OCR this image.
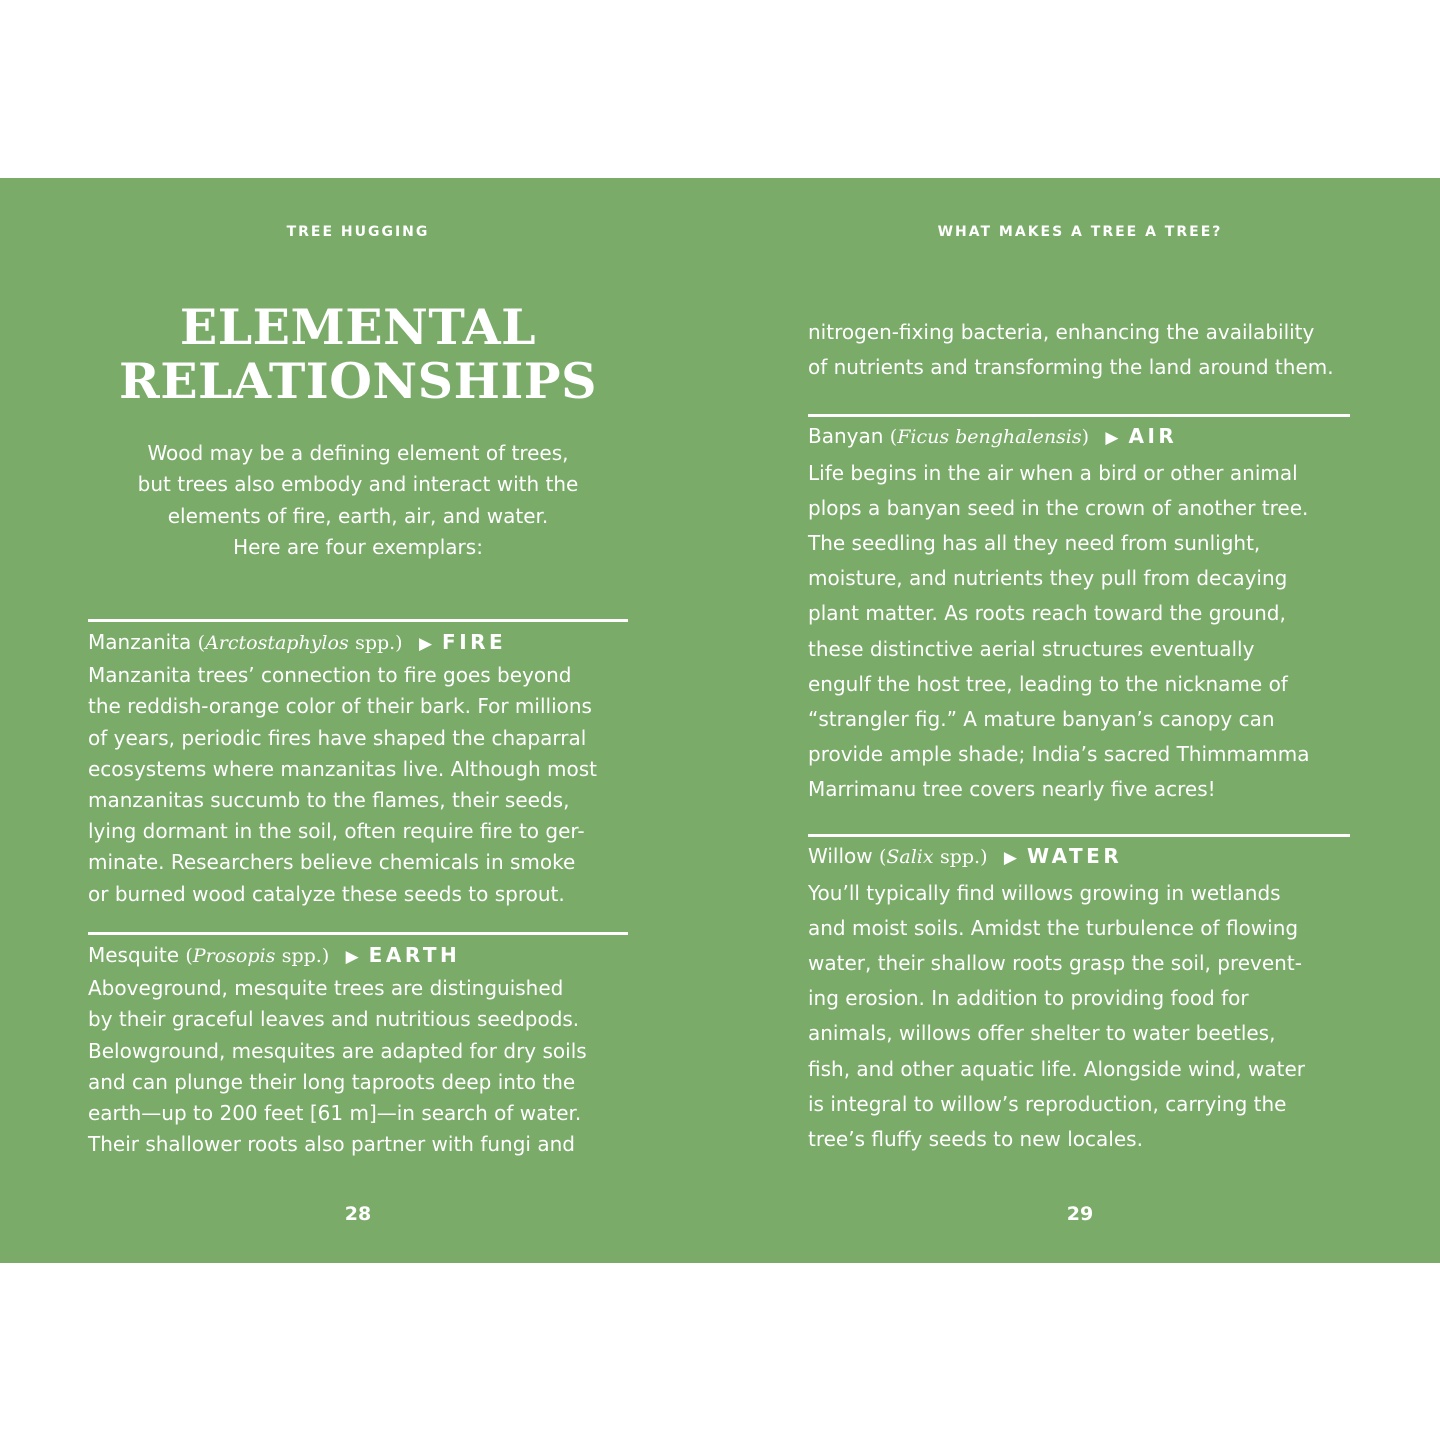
TREE HUGGING
ELEMENTAL
RELATIONSHIPS
Wood may be a defining element of trees,
but trees also embody and interact with the
elements of fire, earth, air, and water.
Here are four exemplars:
Manzanita (Arctostaphylos spp.) ▶ FIRE
Manzanita trees’ connection to fire goes beyond
the reddish-orange color of their bark. For millions
of years, periodic fires have shaped the chaparral
ecosystems where manzanitas live. Although most
manzanitas succumb to the flames, their seeds,
lying dormant in the soil, often require fire to ger-
minate. Researchers believe chemicals in smoke
or burned wood catalyze these seeds to sprout.
Mesquite (Prosopis spp.) ▶ EARTH
Aboveground, mesquite trees are distinguished
by their graceful leaves and nutritious seedpods.
Belowground, mesquites are adapted for dry soils
and can plunge their long taproots deep into the
earth—up to 200 feet [61 m]—in search of water.
Their shallower roots also partner with fungi and
28
WHAT MAKES A TREE A TREE?
nitrogen-fixing bacteria, enhancing the availability
of nutrients and transforming the land around them.
Banyan (Ficus benghalensis) ▶ AIR
Life begins in the air when a bird or other animal
plops a banyan seed in the crown of another tree.
The seedling has all they need from sunlight,
moisture, and nutrients they pull from decaying
plant matter. As roots reach toward the ground,
these distinctive aerial structures eventually
engulf the host tree, leading to the nickname of
“strangler fig.” A mature banyan’s canopy can
provide ample shade; India’s sacred Thimmamma
Marrimanu tree covers nearly five acres!
Willow (Salix spp.) ▶ WATER
You’ll typically find willows growing in wetlands
and moist soils. Amidst the turbulence of flowing
water, their shallow roots grasp the soil, prevent-
ing erosion. In addition to providing food for
animals, willows offer shelter to water beetles,
fish, and other aquatic life. Alongside wind, water
is integral to willow’s reproduction, carrying the
tree’s fluffy seeds to new locales.
29
